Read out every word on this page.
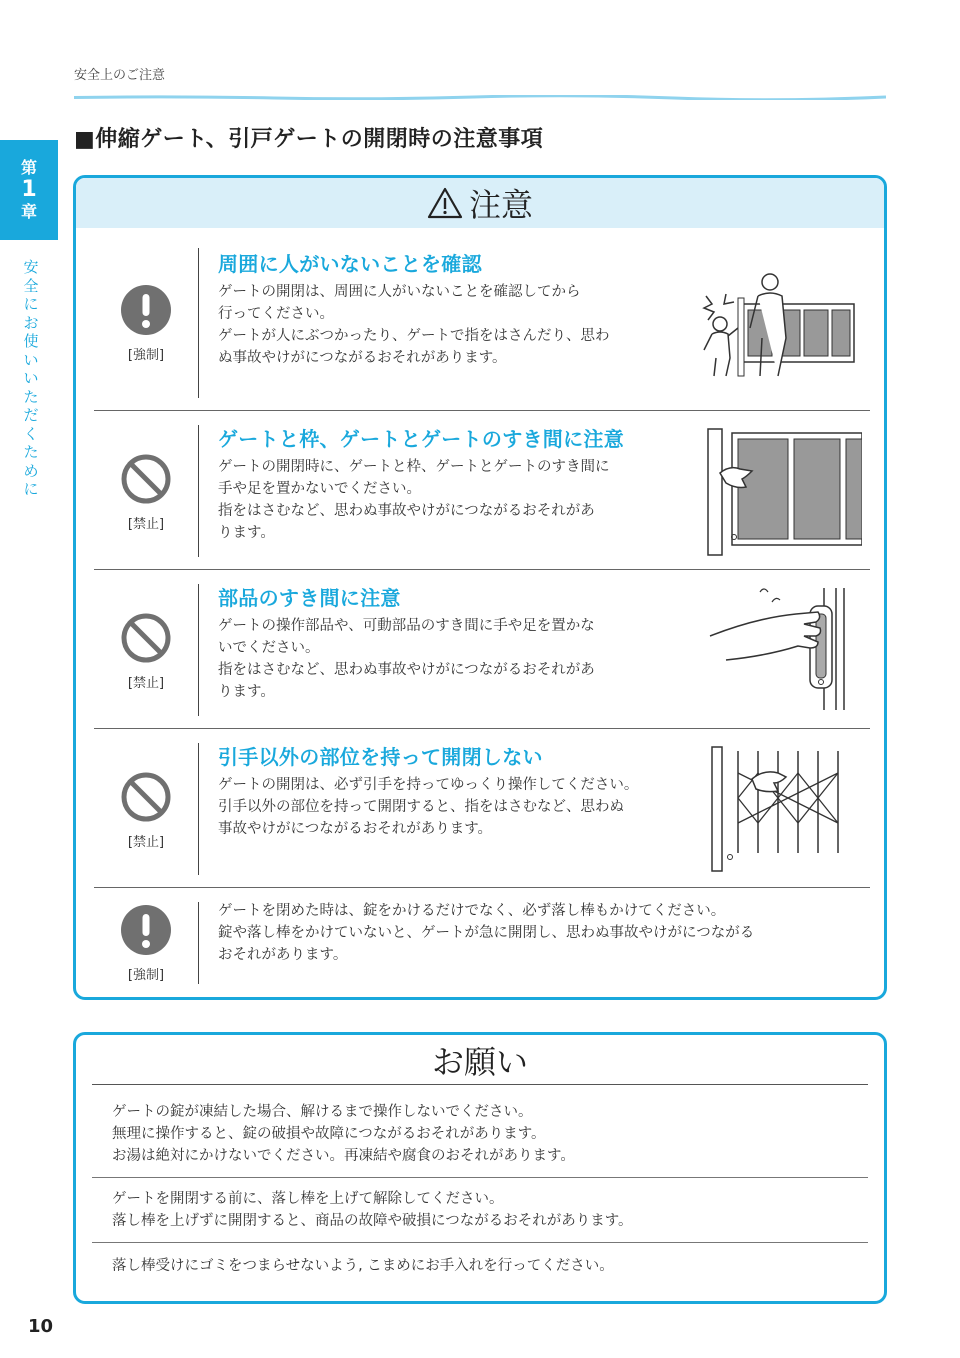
安全上のご注意
■伸縮ゲート、引戸ゲートの開閉時の注意事項
第
1
章
安全にお使いいただくために
注意
[強制]
周囲に人がいないことを確認
ゲートの開閉は、周囲に人がいないことを確認してから
行ってください。
ゲートが人にぶつかったり、ゲートで指をはさんだり、思わ
ぬ事故やけがにつながるおそれがあります。
[禁止]
ゲートと枠、ゲートとゲートのすき間に注意
ゲートの開閉時に、ゲートと枠、ゲートとゲートのすき間に
手や足を置かないでください。
指をはさむなど、思わぬ事故やけがにつながるおそれがあ
ります。
[禁止]
部品のすき間に注意
ゲートの操作部品や、可動部品のすき間に手や足を置かな
いでください。
指をはさむなど、思わぬ事故やけがにつながるおそれがあ
ります。
[禁止]
引手以外の部位を持って開閉しない
ゲートの開閉は、必ず引手を持ってゆっくり操作してください。
引手以外の部位を持って開閉すると、指をはさむなど、思わぬ
事故やけがにつながるおそれがあります。
[強制]
ゲートを閉めた時は、錠をかけるだけでなく、必ず落し棒もかけてください。
錠や落し棒をかけていないと、ゲートが急に開閉し、思わぬ事故やけがにつながる
おそれがあります。
お願い
ゲートの錠が凍結した場合、解けるまで操作しないでください。
無理に操作すると、錠の破損や故障につながるおそれがあります。
お湯は絶対にかけないでください。再凍結や腐食のおそれがあります。
ゲートを開閉する前に、落し棒を上げて解除してください。
落し棒を上げずに開閉すると、商品の故障や破損につながるおそれがあります。
落し棒受けにゴミをつまらせないよう, こまめにお手入れを行ってください。
10
